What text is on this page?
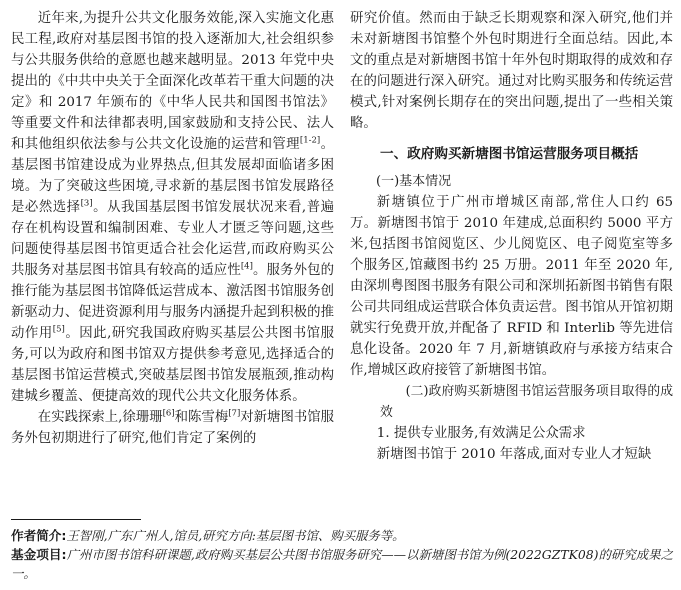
近年来,为提升公共文化服务效能,深入实施文化惠民工程,政府对基层图书馆的投入逐渐加大,社会组织参与公共服务供给的意愿也越来越明显。2013 年党中央提出的《中共中央关于全面深化改革若干重大问题的决定》和 2017 年颁布的《中华人民共和国图书馆法》等重要文件和法律都表明,国家鼓励和支持公民、法人和其他组织依法参与公共文化设施的运营和管理[1-2]。基层图书馆建设成为业界热点,但其发展却面临诸多困境。为了突破这些困境,寻求新的基层图书馆发展路径是必然选择[3]。从我国基层图书馆发展状况来看,普遍存在机构设置和编制困难、专业人才匮乏等问题,这些问题使得基层图书馆更适合社会化运营,而政府购买公共服务对基层图书馆具有较高的适应性[4]。服务外包的推行能为基层图书馆降低运营成本、激活图书馆服务创新驱动力、促进资源利用与服务内涵提升起到积极的推动作用[5]。因此,研究我国政府购买基层公共图书馆服务,可以为政府和图书馆双方提供参考意见,选择适合的基层图书馆运营模式,突破基层图书馆发展瓶颈,推动构建城乡覆盖、便捷高效的现代公共文化服务体系。

在实践探索上,徐珊珊[6]和陈雪梅[7]对新塘图书馆服务外包初期进行了研究,他们肯定了案例的

研究价值。然而由于缺乏长期观察和深入研究,他们并未对新塘图书馆整个外包时期进行全面总结。因此,本文的重点是对新塘图书馆十年外包时期取得的成效和存在的问题进行深入研究。通过对比购买服务和传统运营模式,针对案例长期存在的突出问题,提出了一些相关策略。

一、政府购买新塘图书馆运营服务项目概括

(一)基本情况

新塘镇位于广州市增城区南部,常住人口约 65 万。新塘图书馆于 2010 年建成,总面积约 5000 平方米,包括图书馆阅览区、少儿阅览区、电子阅览室等多个服务区,馆藏图书约 25 万册。2011 年至 2020 年,由深圳粤图图书服务有限公司和深圳拓新图书销售有限公司共同组成运营联合体负责运营。图书馆从开馆初期就实行免费开放,并配备了 RFID 和 Interlib 等先进信息化设备。2020 年 7 月,新塘镇政府与承接方结束合作,增城区政府接管了新塘图书馆。

(二)政府购买新塘图书馆运营服务项目取得的成效

1. 提供专业服务,有效满足公众需求

新塘图书馆于 2010 年落成,面对专业人才短缺

作者简介:王智刚,广东广州人,馆员,研究方向:基层图书馆、购买服务等。

基金项目:广州市图书馆科研课题,政府购买基层公共图书馆服务研究——以新塘图书馆为例(2022GZTK08)的研究成果之一。
